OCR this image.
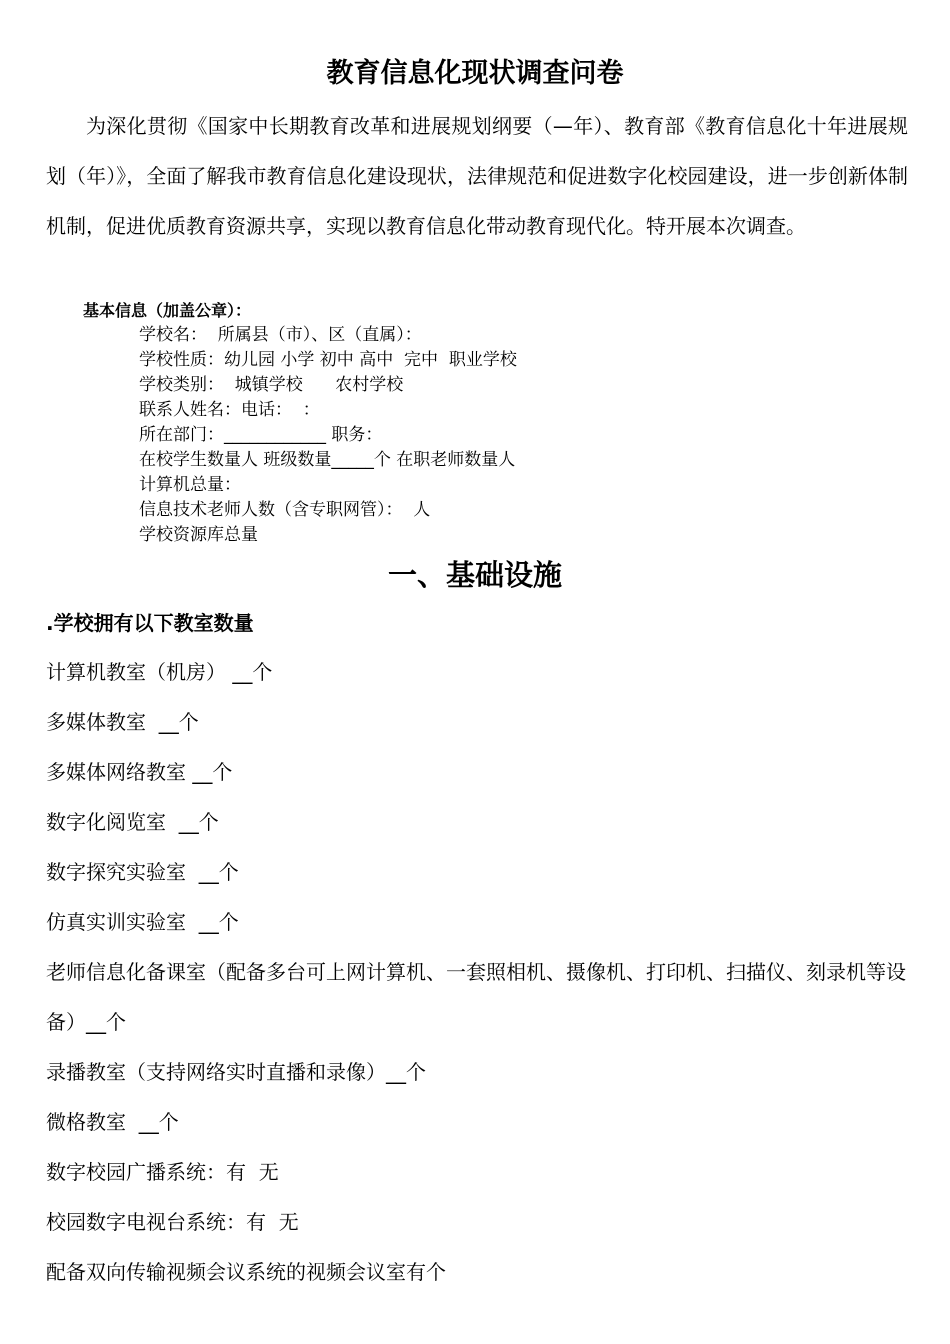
教育信息化现状调查问卷
为深化贯彻《国家中长期教育改革和进展规划纲要（—年）、教育部《教育信息化十年进展规划（年）》，全面了解我市教育信息化建设现状，法律规范和促进数字化校园建设，进一步创新体制机制，促进优质教育资源共享，实现以教育信息化带动教育现代化。特开展本次调查。
基本信息（加盖公章）：
学校名：  所属县（市）、区（直属）：
学校性质：幼儿园 小学 初中 高中  完中  职业学校
学校类别：  城镇学校      农村学校
联系人姓名：电话：  ：
所在部门：____________ 职务：
在校学生数量人 班级数量_____个 在职老师数量人
计算机总量：
信息技术老师人数（含专职网管）：  人
学校资源库总量
一、基础设施
.学校拥有以下教室数量
计算机教室（机房） __个
多媒体教室  __个
多媒体网络教室 __个
数字化阅览室  __个
数字探究实验室  __个
仿真实训实验室  __个
老师信息化备课室（配备多台可上网计算机、一套照相机、摄像机、打印机、扫描仪、刻录机等设备）__个
录播教室（支持网络实时直播和录像）__个
微格教室  __个
数字校园广播系统：有  无
校园数字电视台系统：有  无
配备双向传输视频会议系统的视频会议室有个
